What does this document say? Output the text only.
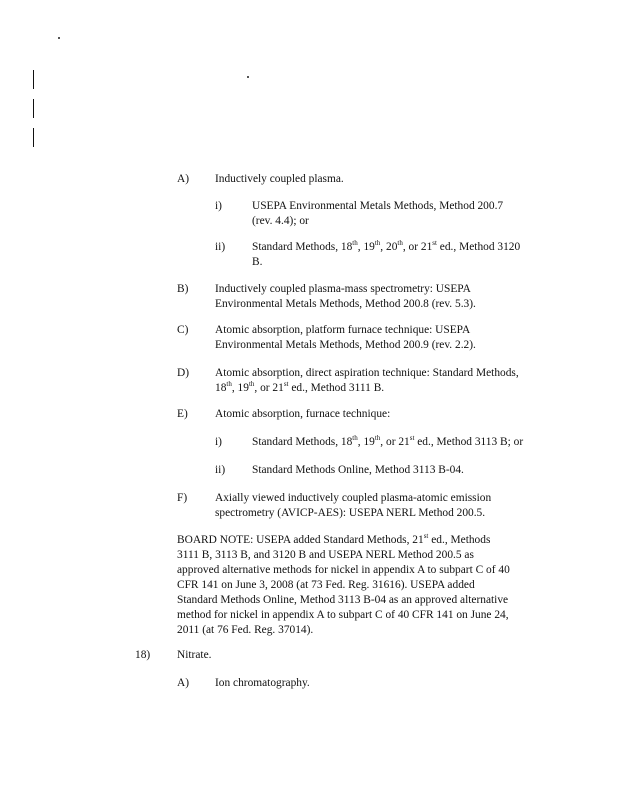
A) Inductively coupled plasma.
i)	USEPA Environmental Metals Methods, Method 200.7
(rev. 4.4); or
ii) Standard Methods, 18th, 19th, 20th, or 21st ed., Method 3120
B.
B) Inductively coupled plasma-mass spectrometry: USEPA
Environmental Metals Methods, Method 200.8 (rev. 5.3).
C) Atomic absorption, platform furnace technique: USEPA
Environmental Metals Methods, Method 200.9 (rev. 2.2).
D) Atomic absorption, direct aspiration technique: Standard Methods,
18th, 19th, or 21st ed., Method 3111 B.
E) Atomic absorption, furnace technique:
i)	Standard Methods, 18th, 19th, or 21st ed., Method 3113 B; or
ii) Standard Methods Online, Method 3113 B-04.
F) Axially viewed inductively coupled plasma-atomic emission
spectrometry (AVICP-AES): USEPA NERL Method 200.5.
BOARD NOTE: USEPA added Standard Methods, 21st ed., Methods
3111 B, 3113 B, and 3120 B and USEPA NERL Method 200.5 as
approved alternative methods for nickel in appendix A to subpart C of 40
CFR 141 on June 3, 2008 (at 73 Fed. Reg. 31616). USEPA added
Standard Methods Online, Method 3113 B-04 as an approved alternative
method for nickel in appendix A to subpart C of 40 CFR 141 on June 24,
2011 (at 76 Fed. Reg. 37014).
18) Nitrate.
A) Ion chromatography.
